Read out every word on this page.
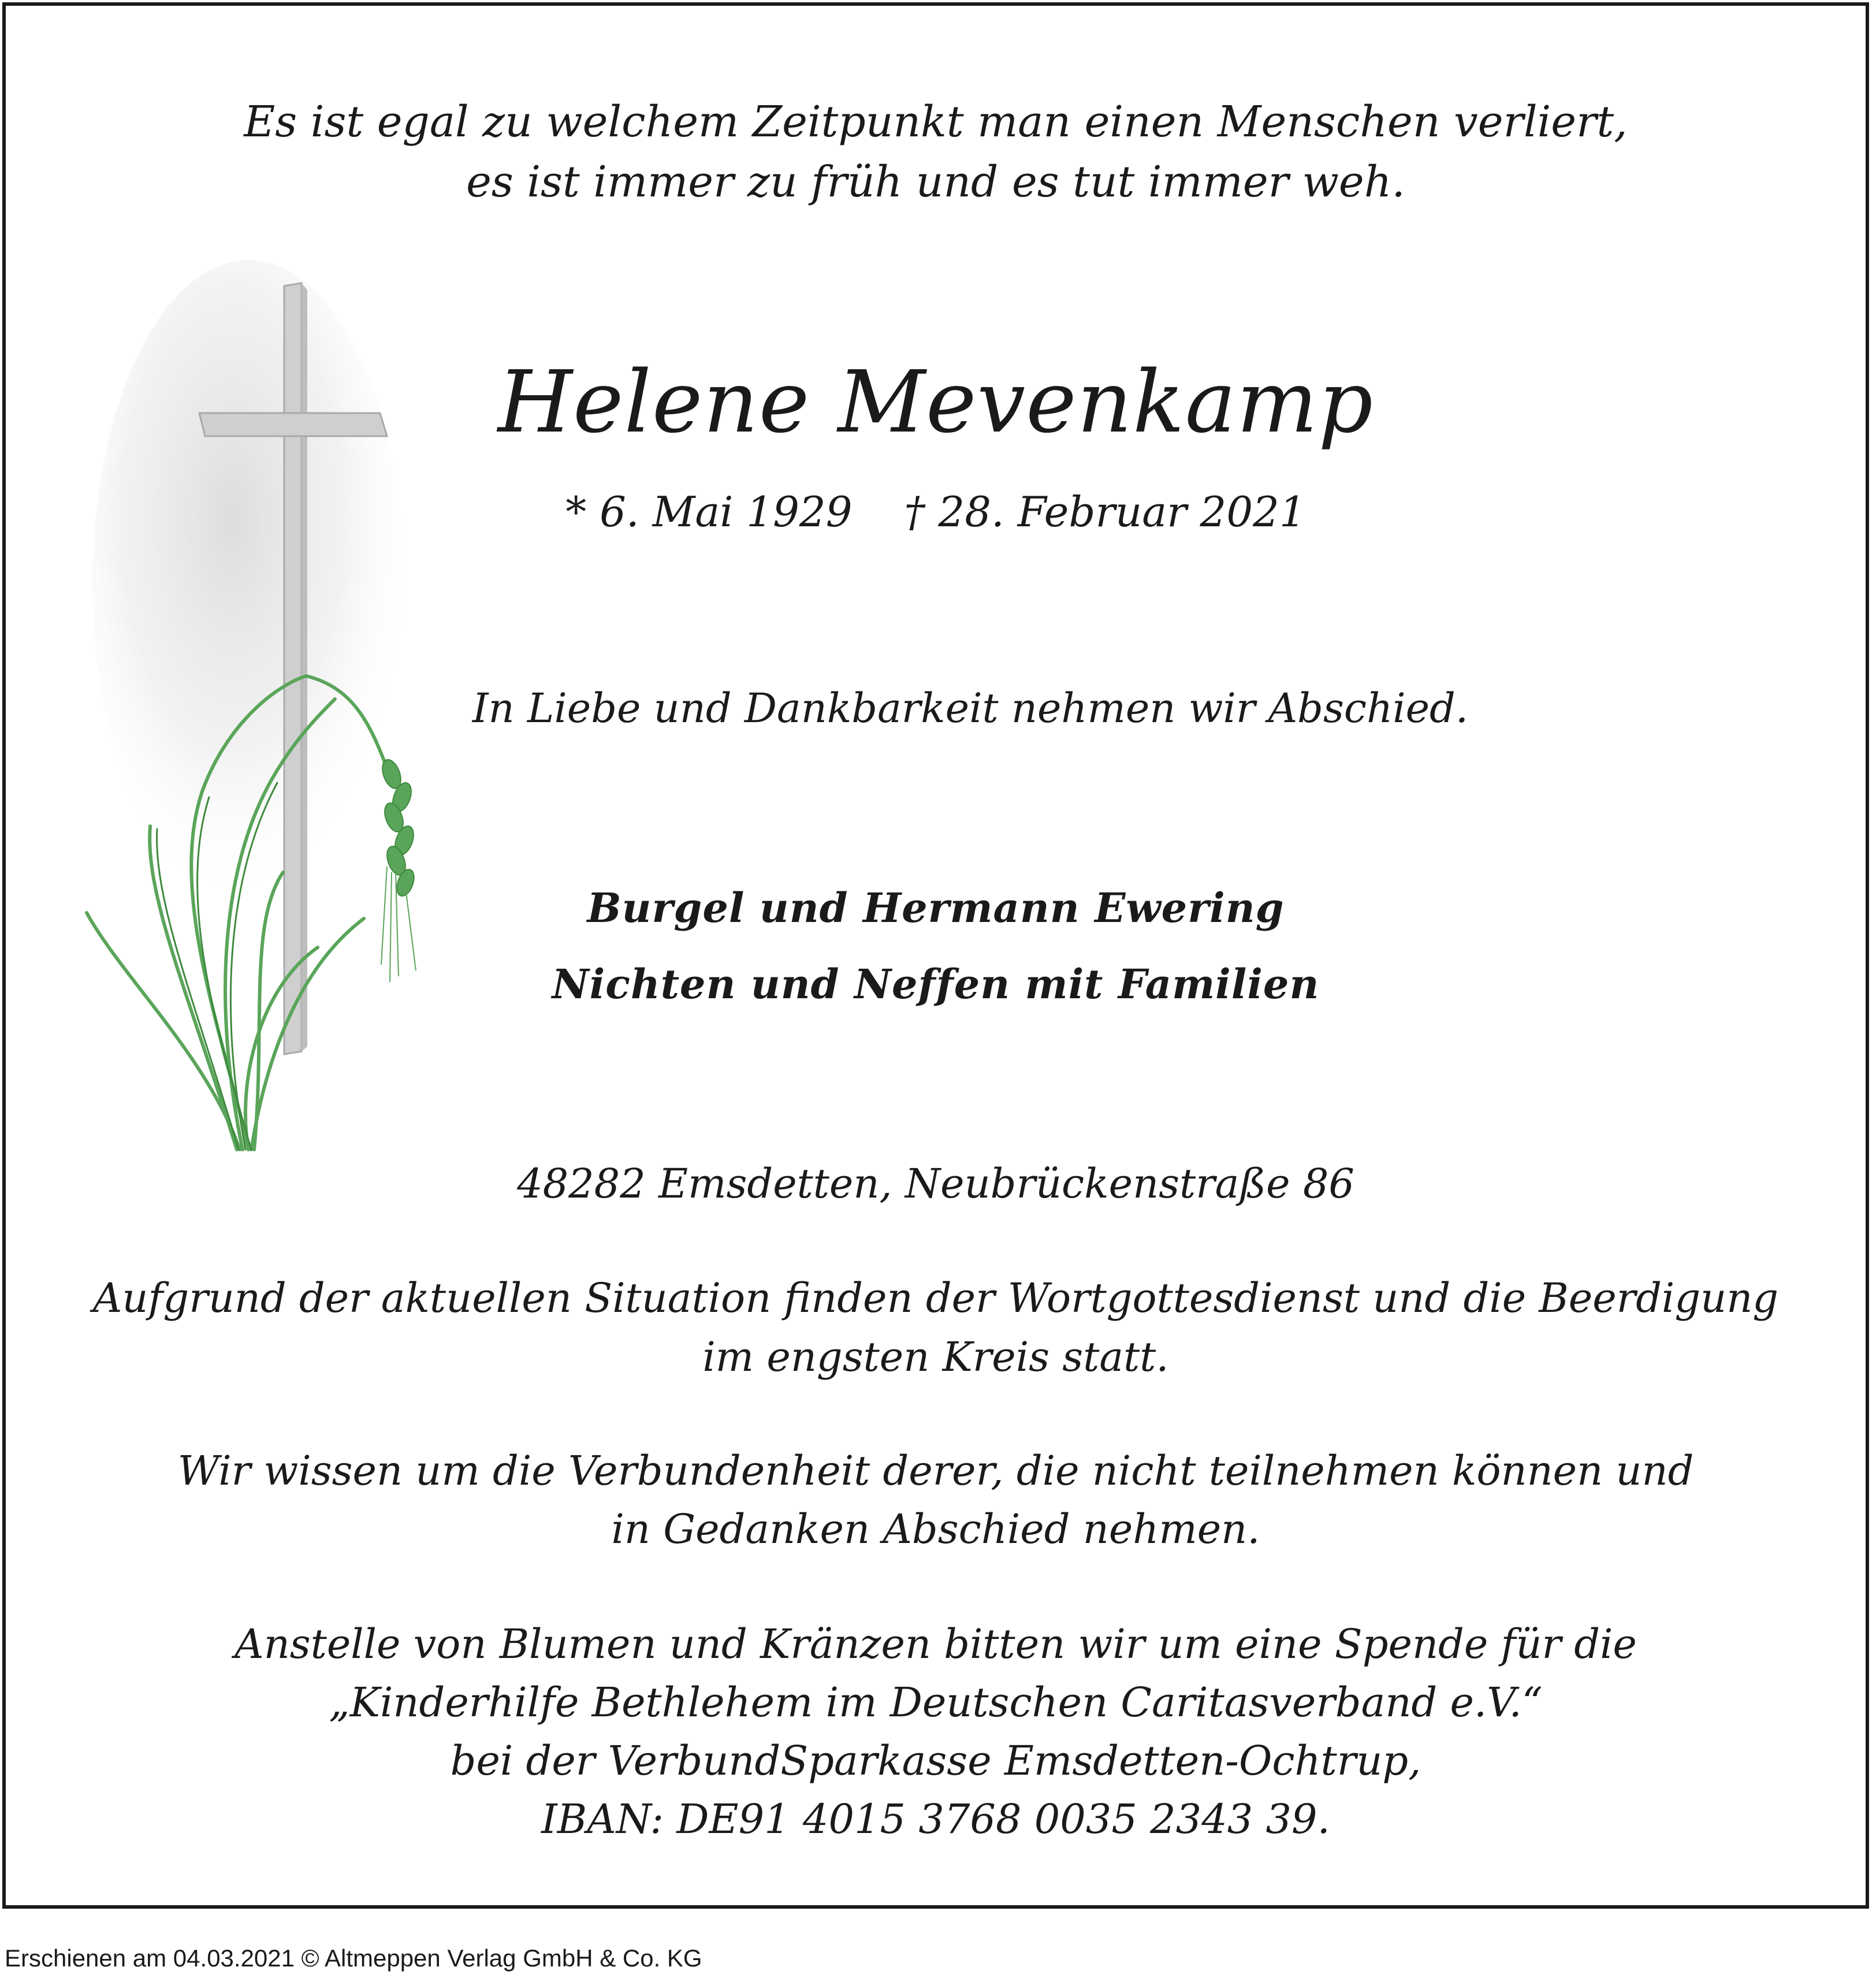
Es ist egal zu welchem Zeitpunkt man einen Menschen verliert,

es ist immer zu früh und es tut immer weh.

Helene Mevenkamp

* 6. Mai 1929 † 28. Februar 2021

In Liebe und Dankbarkeit nehmen wir Abschied.

Burgel und Hermann Ewering

Nichten und Neffen mit Familien

48282 Emsdetten, Neubrückenstraße 86

Aufgrund der aktuellen Situation finden der Wortgottesdienst und die Beerdigung

im engsten Kreis statt.

Wir wissen um die Verbundenheit derer, die nicht teilnehmen können und

in Gedanken Abschied nehmen.

Anstelle von Blumen und Kränzen bitten wir um eine Spende für die

„Kinderhilfe Bethlehem im Deutschen Caritasverband e.V.“

bei der VerbundSparkasse Emsdetten-Ochtrup,

IBAN: DE91 4015 3768 0035 2343 39.

Erschienen am 04.03.2021 © Altmeppen Verlag GmbH & Co. KG
